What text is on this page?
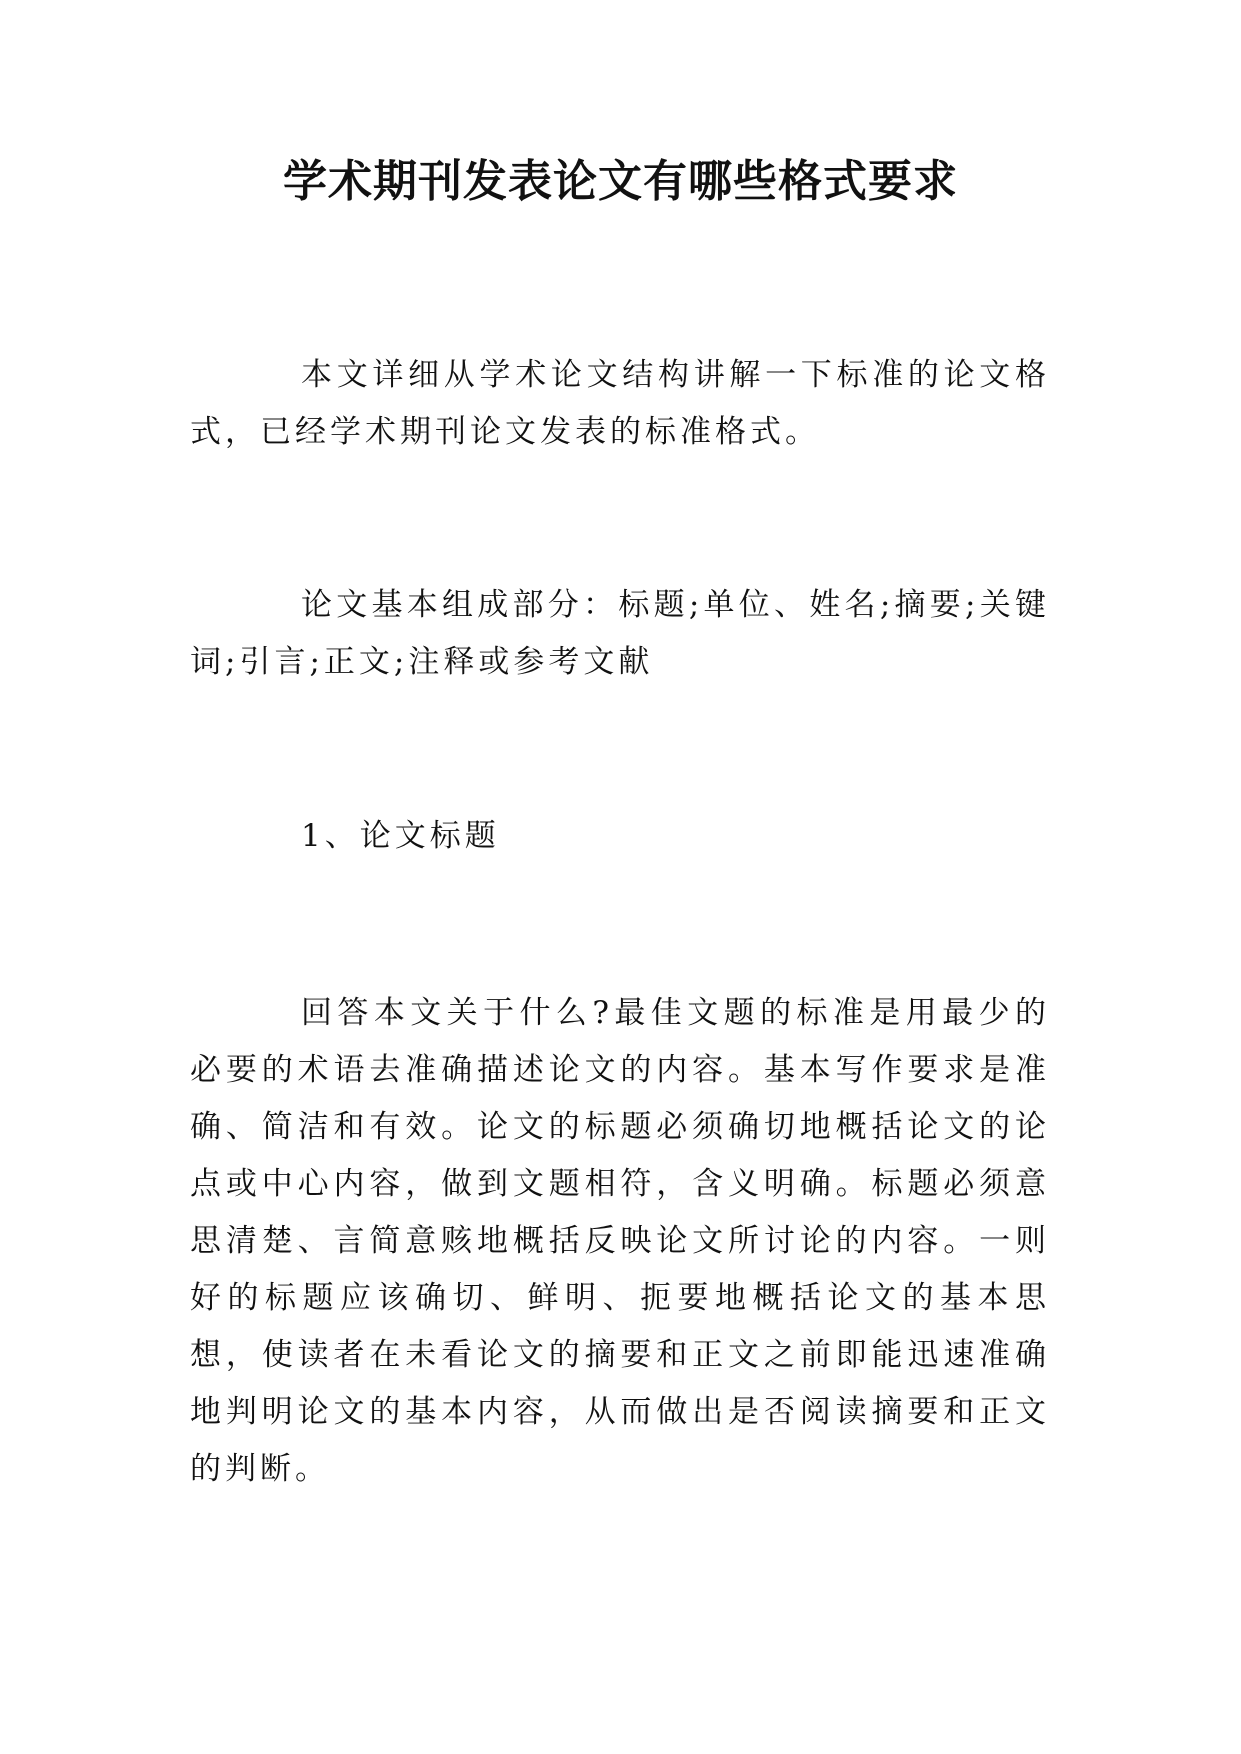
学术期刊发表论文有哪些格式要求

本文详细从学术论文结构讲解一下标准的论文格式，已经学术期刊论文发表的标准格式。

论文基本组成部分：标题;单位、姓名;摘要;关键词;引言;正文;注释或参考文献

1、论文标题

回答本文关于什么?最佳文题的标准是用最少的必要的术语去准确描述论文的内容。基本写作要求是准确、简洁和有效。论文的标题必须确切地概括论文的论点或中心内容，做到文题相符，含义明确。标题必须意思清楚、言简意赅地概括反映论文所讨论的内容。一则好的标题应该确切、鲜明、扼要地概括论文的基本思想，使读者在未看论文的摘要和正文之前即能迅速准确地判明论文的基本内容，从而做出是否阅读摘要和正文的判断。
